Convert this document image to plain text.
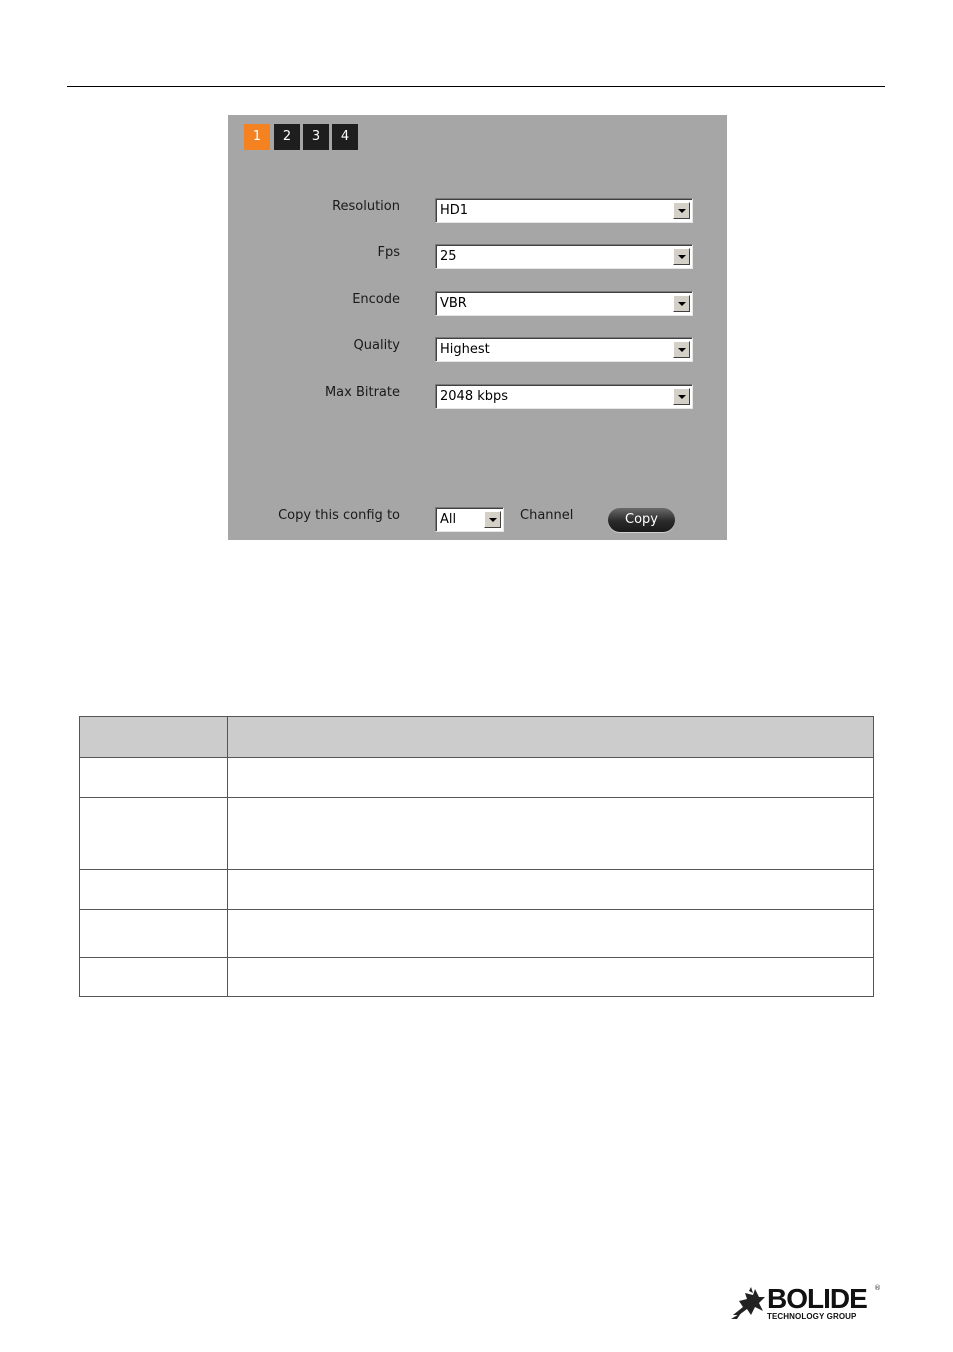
1	2	3	4
Resolution	HD1
Fps	25
Encode	VBR
Quality	Highest
Max Bitrate	2048 kbps
Copy this config to	All	Channel	Copy

BOLIDE
TECHNOLOGY GROUP
®
